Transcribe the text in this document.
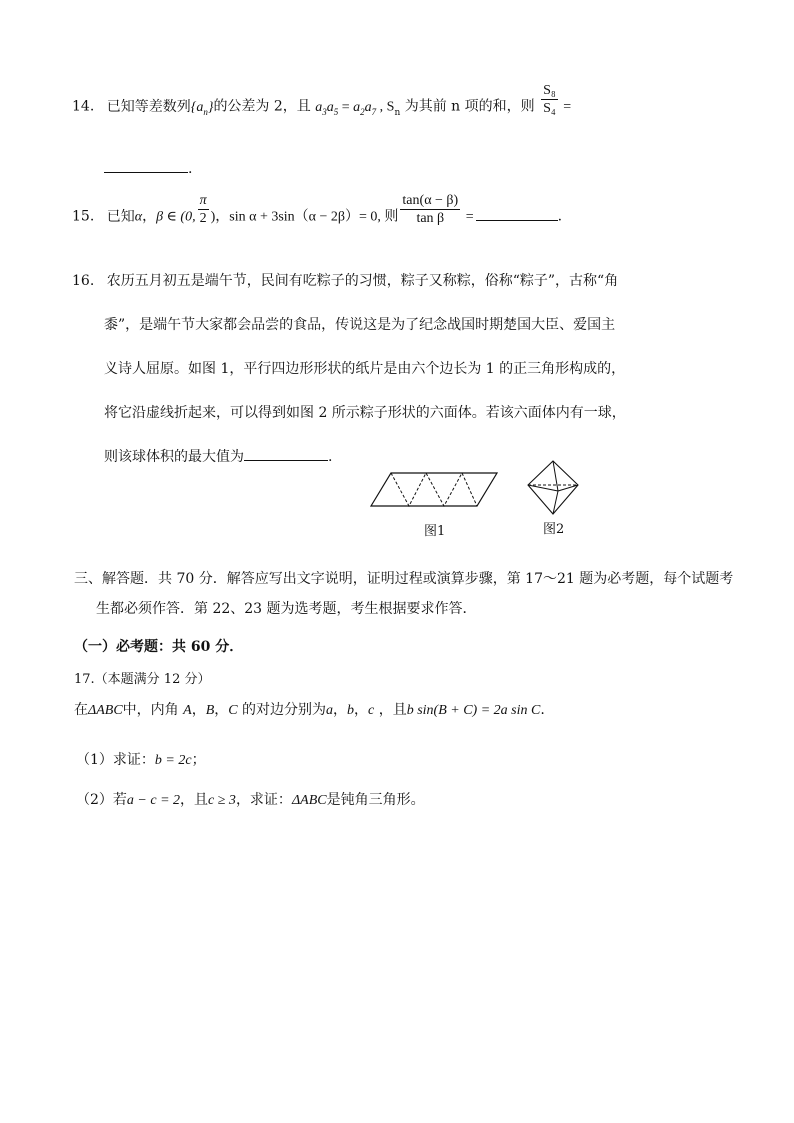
14. 已知等差数列$\{a_n\}$的公差为 2，且 $a_3a_5 = a_2a_7$ , $S_n$ 为其前 n 项的和，则 $\frac{\text{S₈}}{\text{S₄}}$ =
.
15. 已知α，β ∈ (0, $\frac{\pi}{2}$ )，sin α + 3sin（α − 2β）= 0, 则 $\frac{\tan(\alpha - \beta)}{\text{tan β}}$ =	.
16. 农历五月初五是端午节，民间有吃粽子的习惯，粽子又称粽，俗称“粽子”，古称“角
黍”，是端午节大家都会品尝的食品，传说这是为了纪念战国时期楚国大臣、爱国主
义诗人屈原。如图 1，平行四边形形状的纸片是由六个边长为 1 的正三角形构成的，
将它沿虚线折起来，可以得到如图 2 所示粽子形状的六面体。若该六面体内有一球，
则该球体积的最大值为	.
图1	图2
三、解答题．共 70 分．解答应写出文字说明，证明过程或演算步骤，第 17～21 题为必考题，每个试题考
生都必须作答．第 22、23 题为选考题，考生根据要求作答．
（一）必考题：共 60 分．
17.（本题满分 12 分）
在ΔABC中，内角 A，B，C 的对边分别为a，b，c ，且b sin(B + C) = 2a sin C.
（1）求证：b = 2c；
（2）若a − c = 2，且c ≥ 3，求证：ΔABC是钝角三角形。
